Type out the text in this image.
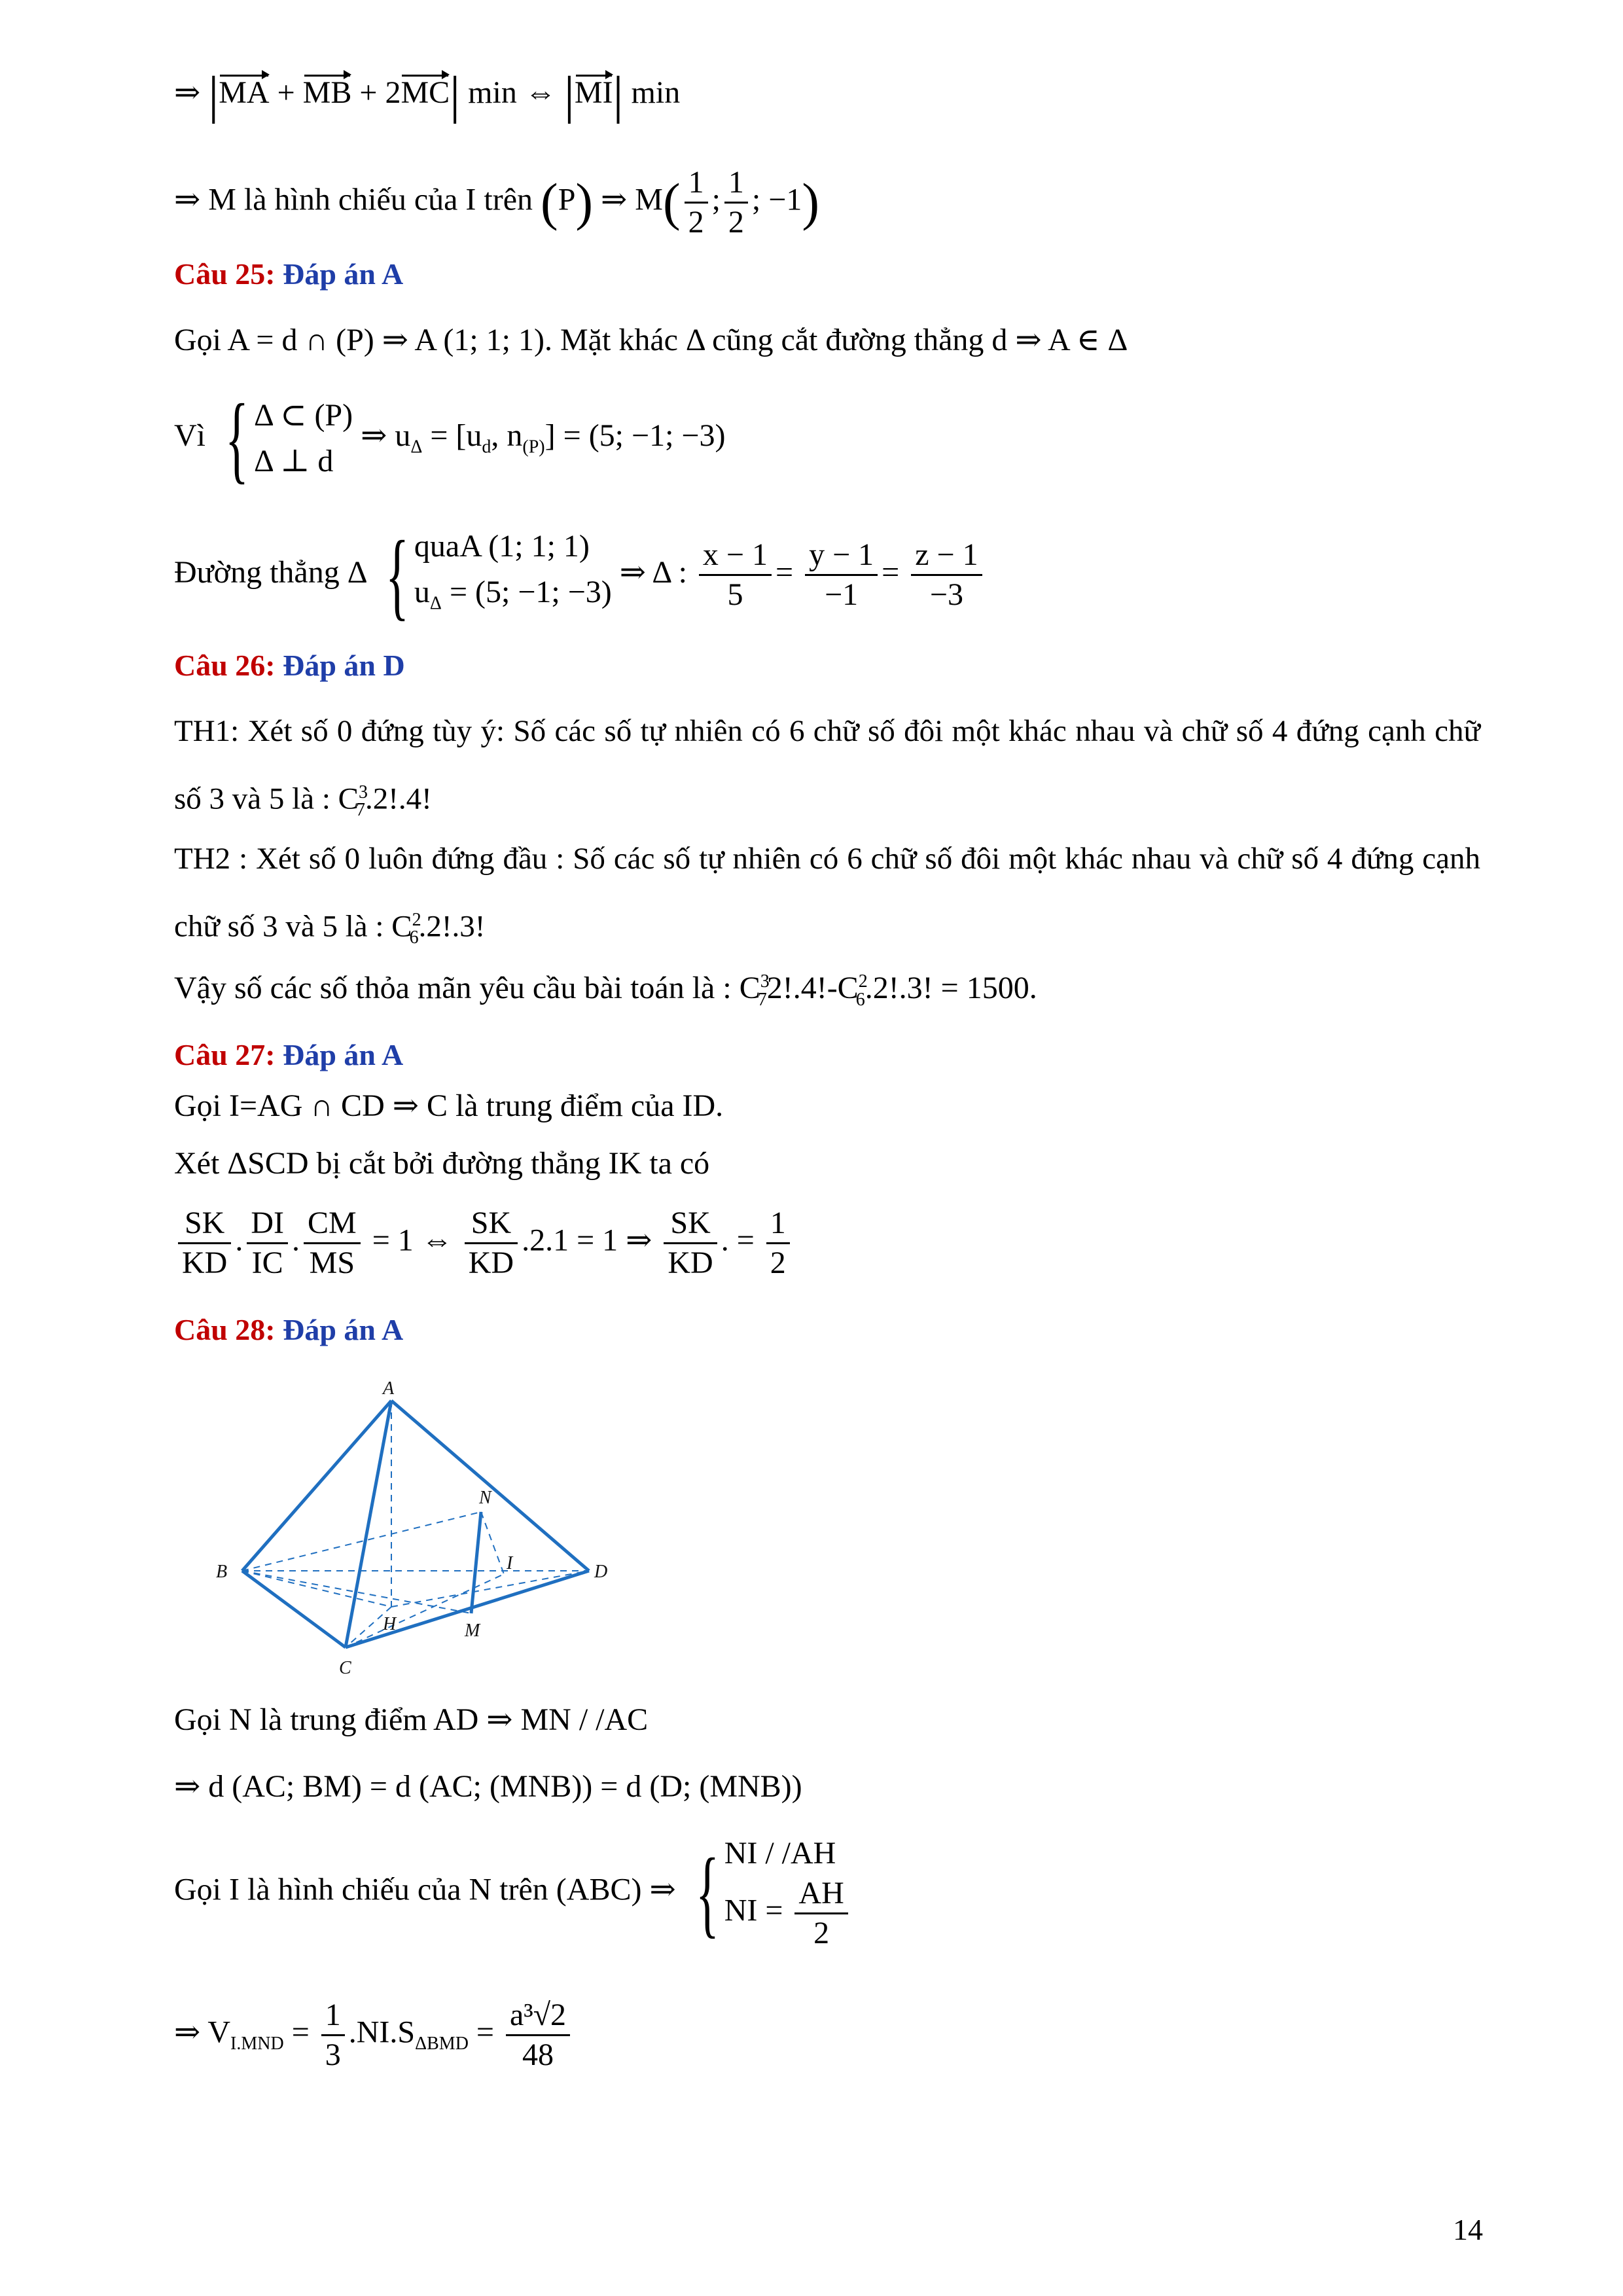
⇒ |MA + MB + 2MC| min ⇔ |MI| min
⇒ M là hình chiếu của I trên (P) ⇒ $M( \frac{1}{2}$ ; $\frac{1}{2}$ ; −1)
Câu 25: Đáp án A
Gọi A = d ∩ (P) ⇒ A (1; 1; 1). Mặt khác Δ cũng cắt đường thẳng d ⇒ A ∈ Δ
Vì { Δ ⊂ (P)
Δ ⊥ d ⇒ $u_\Delta = [u_d$, $n_{(P)}] = (5$; −1; −3)
Đường thẳng Δ { quaA (1; 1; 1)
$u_\Delta = (5$; −1; −3) ⇒ Δ : $\frac{x - 1}{5} = \frac{y - 1}{-1} = \frac{z - 1}{-3}$
Câu 26: Đáp án D
TH1: Xét số 0 đứng tùy ý: Số các số tự nhiên có 6 chữ số đôi một khác nhau và chữ số 4 đứng cạnh chữ số 3 và 5 là : $C^3_7.2!.4$!
TH2 : Xét số 0 luôn đứng đầu : Số các số tự nhiên có 6 chữ số đôi một khác nhau và chữ số 4 đứng cạnh chữ số 3 và 5 là : $C^2_6.2!.3$!
Vậy số các số thỏa mãn yêu cầu bài toán là : $C^3_72!.4!-C^2_6.2!.3$! = 1500.
Câu 27: Đáp án A
Gọi I=AG ∩ CD ⇒ C là trung điểm của ID.
Xét ΔSCD bị cắt bởi đường thẳng IK ta có
$\frac{SK}{KD}$ . $\frac{DI}{IC}$ . $\frac{CM}{MS} = 1$ ⇔ $\frac{SK}{KD} .2.1 = 1$ ⇒ $\frac{SK}{KD}$ . = $\frac{1}{2}$
Câu 28: Đáp án A
A
N
B	I	D
H	M
C
Gọi N là trung điểm AD ⇒ MN / /AC
⇒ d (AC; BM) = d (AC; (MNB)) = d (D; (MNB))
Gọi I là hình chiếu của N trên (ABC) ⇒ { NI / /AH
NI = $\frac{AH}{2}$
⇒ $V_{I.MND} = \frac{1}{3} .NI.S_{\Delta BMD} = \frac{\text{a³√2}}{48}$
14
